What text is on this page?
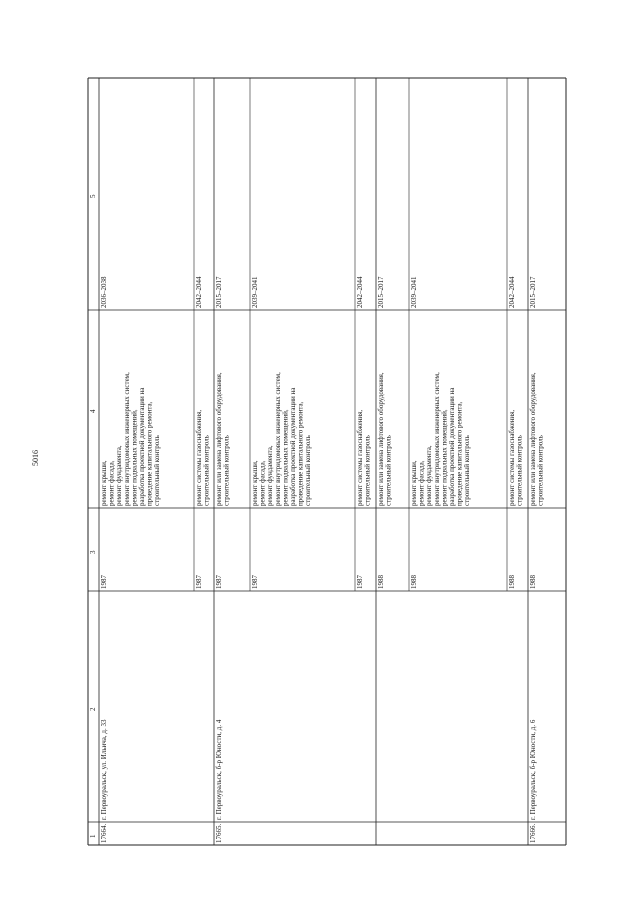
5016
1
2
3
4
5
17664.
г. Первоуральск, ул. Ильича, д. 33
1987
ремонт крыши,
ремонт фасада,
ремонт фундамента,
ремонт внутридомовых инженерных систем,
ремонт подвальных помещений,
разработка проектной документации на
проведение капитального ремонта,
строительный контроль
2036–2038
1987
ремонт системы газоснабжения,
строительный контроль
2042–2044
17665.
г. Первоуральск, б-р Юности, д. 4
1987
ремонт или замена лифтового оборудования,
строительный контроль
2015–2017
1987
ремонт крыши,
ремонт фасада,
ремонт фундамента,
ремонт внутридомовых инженерных систем,
ремонт подвальных помещений,
разработка проектной документации на
проведение капитального ремонта,
строительный контроль
2039–2041
1987
ремонт системы газоснабжения,
строительный контроль
2042–2044
1988
ремонт или замена лифтового оборудования,
строительный контроль
2015–2017
1988
ремонт крыши,
ремонт фасада,
ремонт фундамента,
ремонт внутридомовых инженерных систем,
ремонт подвальных помещений,
разработка проектной документации на
проведение капитального ремонта,
строительный контроль
2039–2041
1988
ремонт системы газоснабжения,
строительный контроль
2042–2044
17666.
г. Первоуральск, б-р Юности, д. 6
1988
ремонт или замена лифтового оборудования,
строительный контроль
2015–2017
